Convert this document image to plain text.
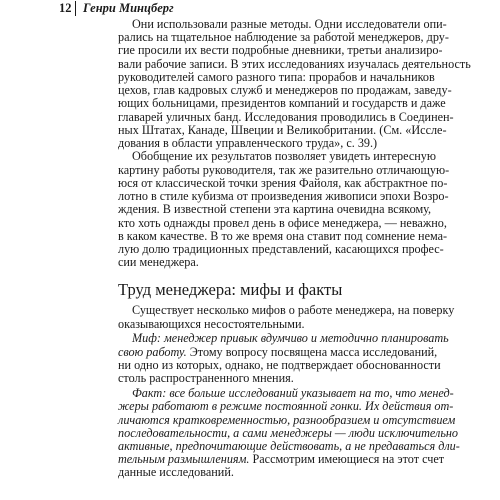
12 Генри Минцберг
Они использовали разные методы. Одни исследователи опи-
рались на тщательное наблюдение за работой менеджеров, дру-
гие просили их вести подробные дневники, третьи анализиро-
вали рабочие записи. В этих исследованиях изучалась деятельность
руководителей самого разного типа: прорабов и начальников
цехов, глав кадровых служб и менеджеров по продажам, заведу-
ющих больницами, президентов компаний и государств и даже
главарей уличных банд. Исследования проводились в Соединен-
ных Штатах, Канаде, Швеции и Великобритании. (См. «Иссле-
дования в области управленческого труда», с. 39.)
Обобщение их результатов позволяет увидеть интересную
картину работы руководителя, так же разительно отличающую-
юся от классической точки зрения Файоля, как абстрактное по-
лотно в стиле кубизма от произведения живописи эпохи Возро-
ждения. В известной степени эта картина очевидна всякому,
кто хоть однажды провел день в офисе менеджера, — неважно,
в каком качестве. В то же время она ставит под сомнение нема-
лую долю традиционных представлений, касающихся профес-
сии менеджера.
Труд менеджера: мифы и факты
Существует несколько мифов о работе менеджера, на поверку
оказывающихся несостоятельными.
Миф: менеджер привык вдумчиво и методично планировать
свою работу. Этому вопросу посвящена масса исследований,
ни одно из которых, однако, не подтверждает обоснованности
столь распространенного мнения.
Факт: все больше исследований указывает на то, что менед-
жеры работают в режиме постоянной гонки. Их действия от-
личаются кратковременностью, разнообразием и отсутствием
последовательности, а сами менеджеры — люди исключительно
активные, предпочитающие действовать, а не предаваться дли-
тельным размышлениям. Рассмотрим имеющиеся на этот счет
данные исследований.
